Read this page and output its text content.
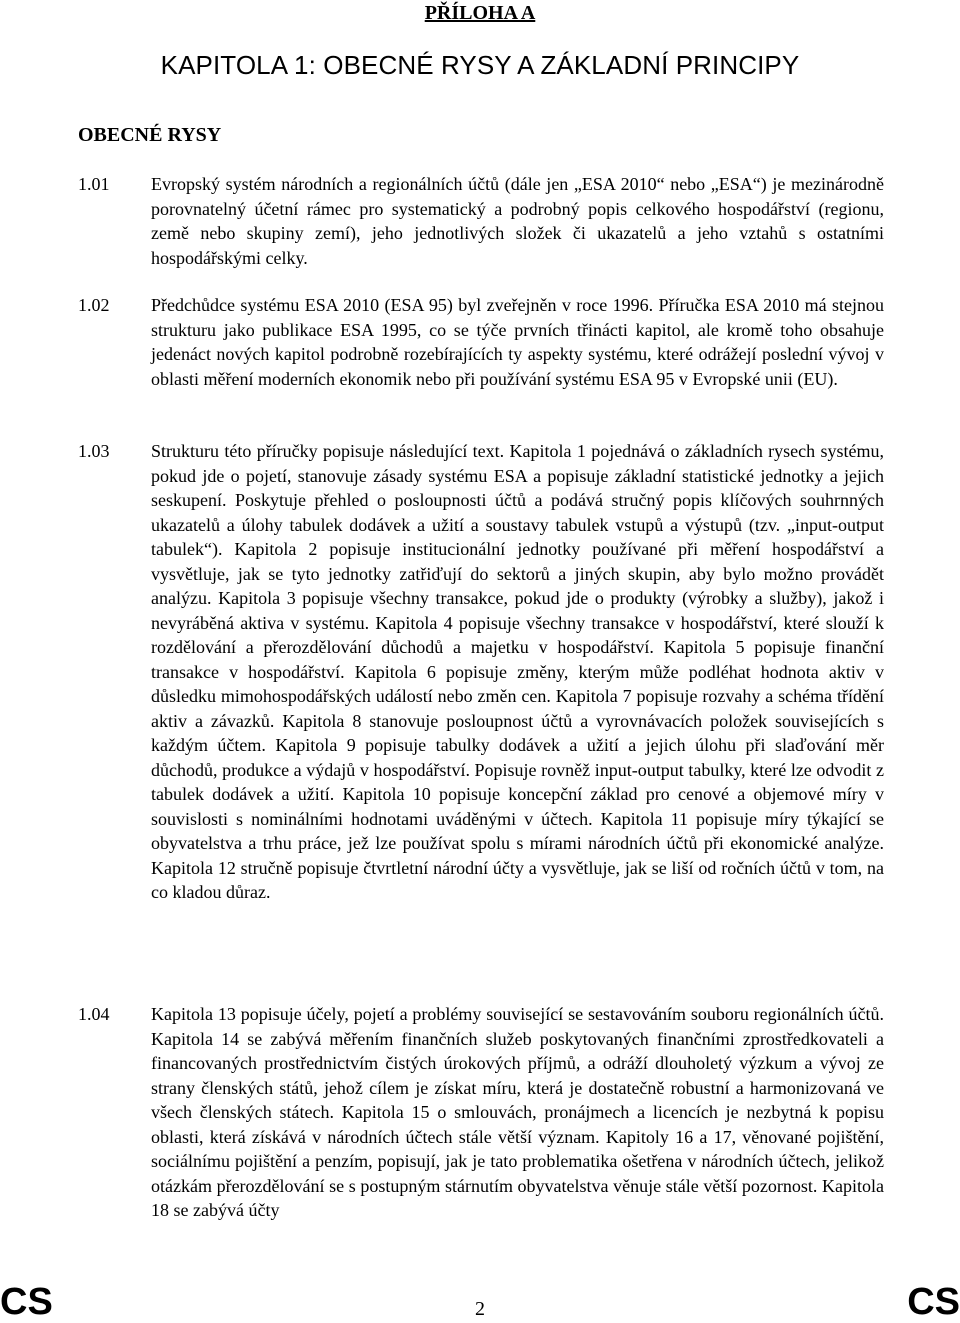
PŘÍLOHA A
KAPITOLA 1: OBECNÉ RYSY A ZÁKLADNÍ PRINCIPY
OBECNÉ RYSY
1.01 Evropský systém národních a regionálních účtů (dále jen „ESA 2010“ nebo „ESA“) je mezinárodně porovnatelný účetní rámec pro systematický a podrobný popis celkového hospodářství (regionu, země nebo skupiny zemí), jeho jednotlivých složek či ukazatelů a jeho vztahů s ostatními hospodářskými celky.
1.02 Předchůdce systému ESA 2010 (ESA 95) byl zveřejněn v roce 1996. Příručka ESA 2010 má stejnou strukturu jako publikace ESA 1995, co se týče prvních třinácti kapitol, ale kromě toho obsahuje jedenáct nových kapitol podrobně rozebírajících ty aspekty systému, které odrážejí poslední vývoj v oblasti měření moderních ekonomik nebo při používání systému ESA 95 v Evropské unii (EU).
1.03 Strukturu této příručky popisuje následující text. Kapitola 1 pojednává o základních rysech systému, pokud jde o pojetí, stanovuje zásady systému ESA a popisuje základní statistické jednotky a jejich seskupení. Poskytuje přehled o posloupnosti účtů a podává stručný popis klíčových souhrnných ukazatelů a úlohy tabulek dodávek a užití a soustavy tabulek vstupů a výstupů (tzv. „input-output tabulek“). Kapitola 2 popisuje institucionální jednotky používané při měření hospodářství a vysvětluje, jak se tyto jednotky zatřiďují do sektorů a jiných skupin, aby bylo možno provádět analýzu. Kapitola 3 popisuje všechny transakce, pokud jde o produkty (výrobky a služby), jakož i nevyráběná aktiva v systému. Kapitola 4 popisuje všechny transakce v hospodářství, které slouží k rozdělování a přerozdělování důchodů a majetku v hospodářství. Kapitola 5 popisuje finanční transakce v hospodářství. Kapitola 6 popisuje změny, kterým může podléhat hodnota aktiv v důsledku mimohospodářských událostí nebo změn cen. Kapitola 7 popisuje rozvahy a schéma třídění aktiv a závazků. Kapitola 8 stanovuje posloupnost účtů a vyrovnávacích položek souvisejících s každým účtem. Kapitola 9 popisuje tabulky dodávek a užití a jejich úlohu při slaďování měr důchodů, produkce a výdajů v hospodářství. Popisuje rovněž input-output tabulky, které lze odvodit z tabulek dodávek a užití. Kapitola 10 popisuje koncepční základ pro cenové a objemové míry v souvislosti s nominálními hodnotami uváděnými v účtech. Kapitola 11 popisuje míry týkající se obyvatelstva a trhu práce, jež lze používat spolu s mírami národních účtů při ekonomické analýze. Kapitola 12 stručně popisuje čtvrtletní národní účty a vysvětluje, jak se liší od ročních účtů v tom, na co kladou důraz.
1.04 Kapitola 13 popisuje účely, pojetí a problémy související se sestavováním souboru regionálních účtů. Kapitola 14 se zabývá měřením finančních služeb poskytovaných finančními zprostředkovateli a financovaných prostřednictvím čistých úrokových příjmů, a odráží dlouholetý výzkum a vývoj ze strany členských států, jehož cílem je získat míru, která je dostatečně robustní a harmonizovaná ve všech členských státech. Kapitola 15 o smlouvách, pronájmech a licencích je nezbytná k popisu oblasti, která získává v národních účtech stále větší význam. Kapitoly 16 a 17, věnované pojištění, sociálnímu pojištění a penzím, popisují, jak je tato problematika ošetřena v národních účtech, jelikož otázkám přerozdělování se s postupným stárnutím obyvatelstva věnuje stále větší pozornost. Kapitola 18 se zabývá účty
CS	2	CS
